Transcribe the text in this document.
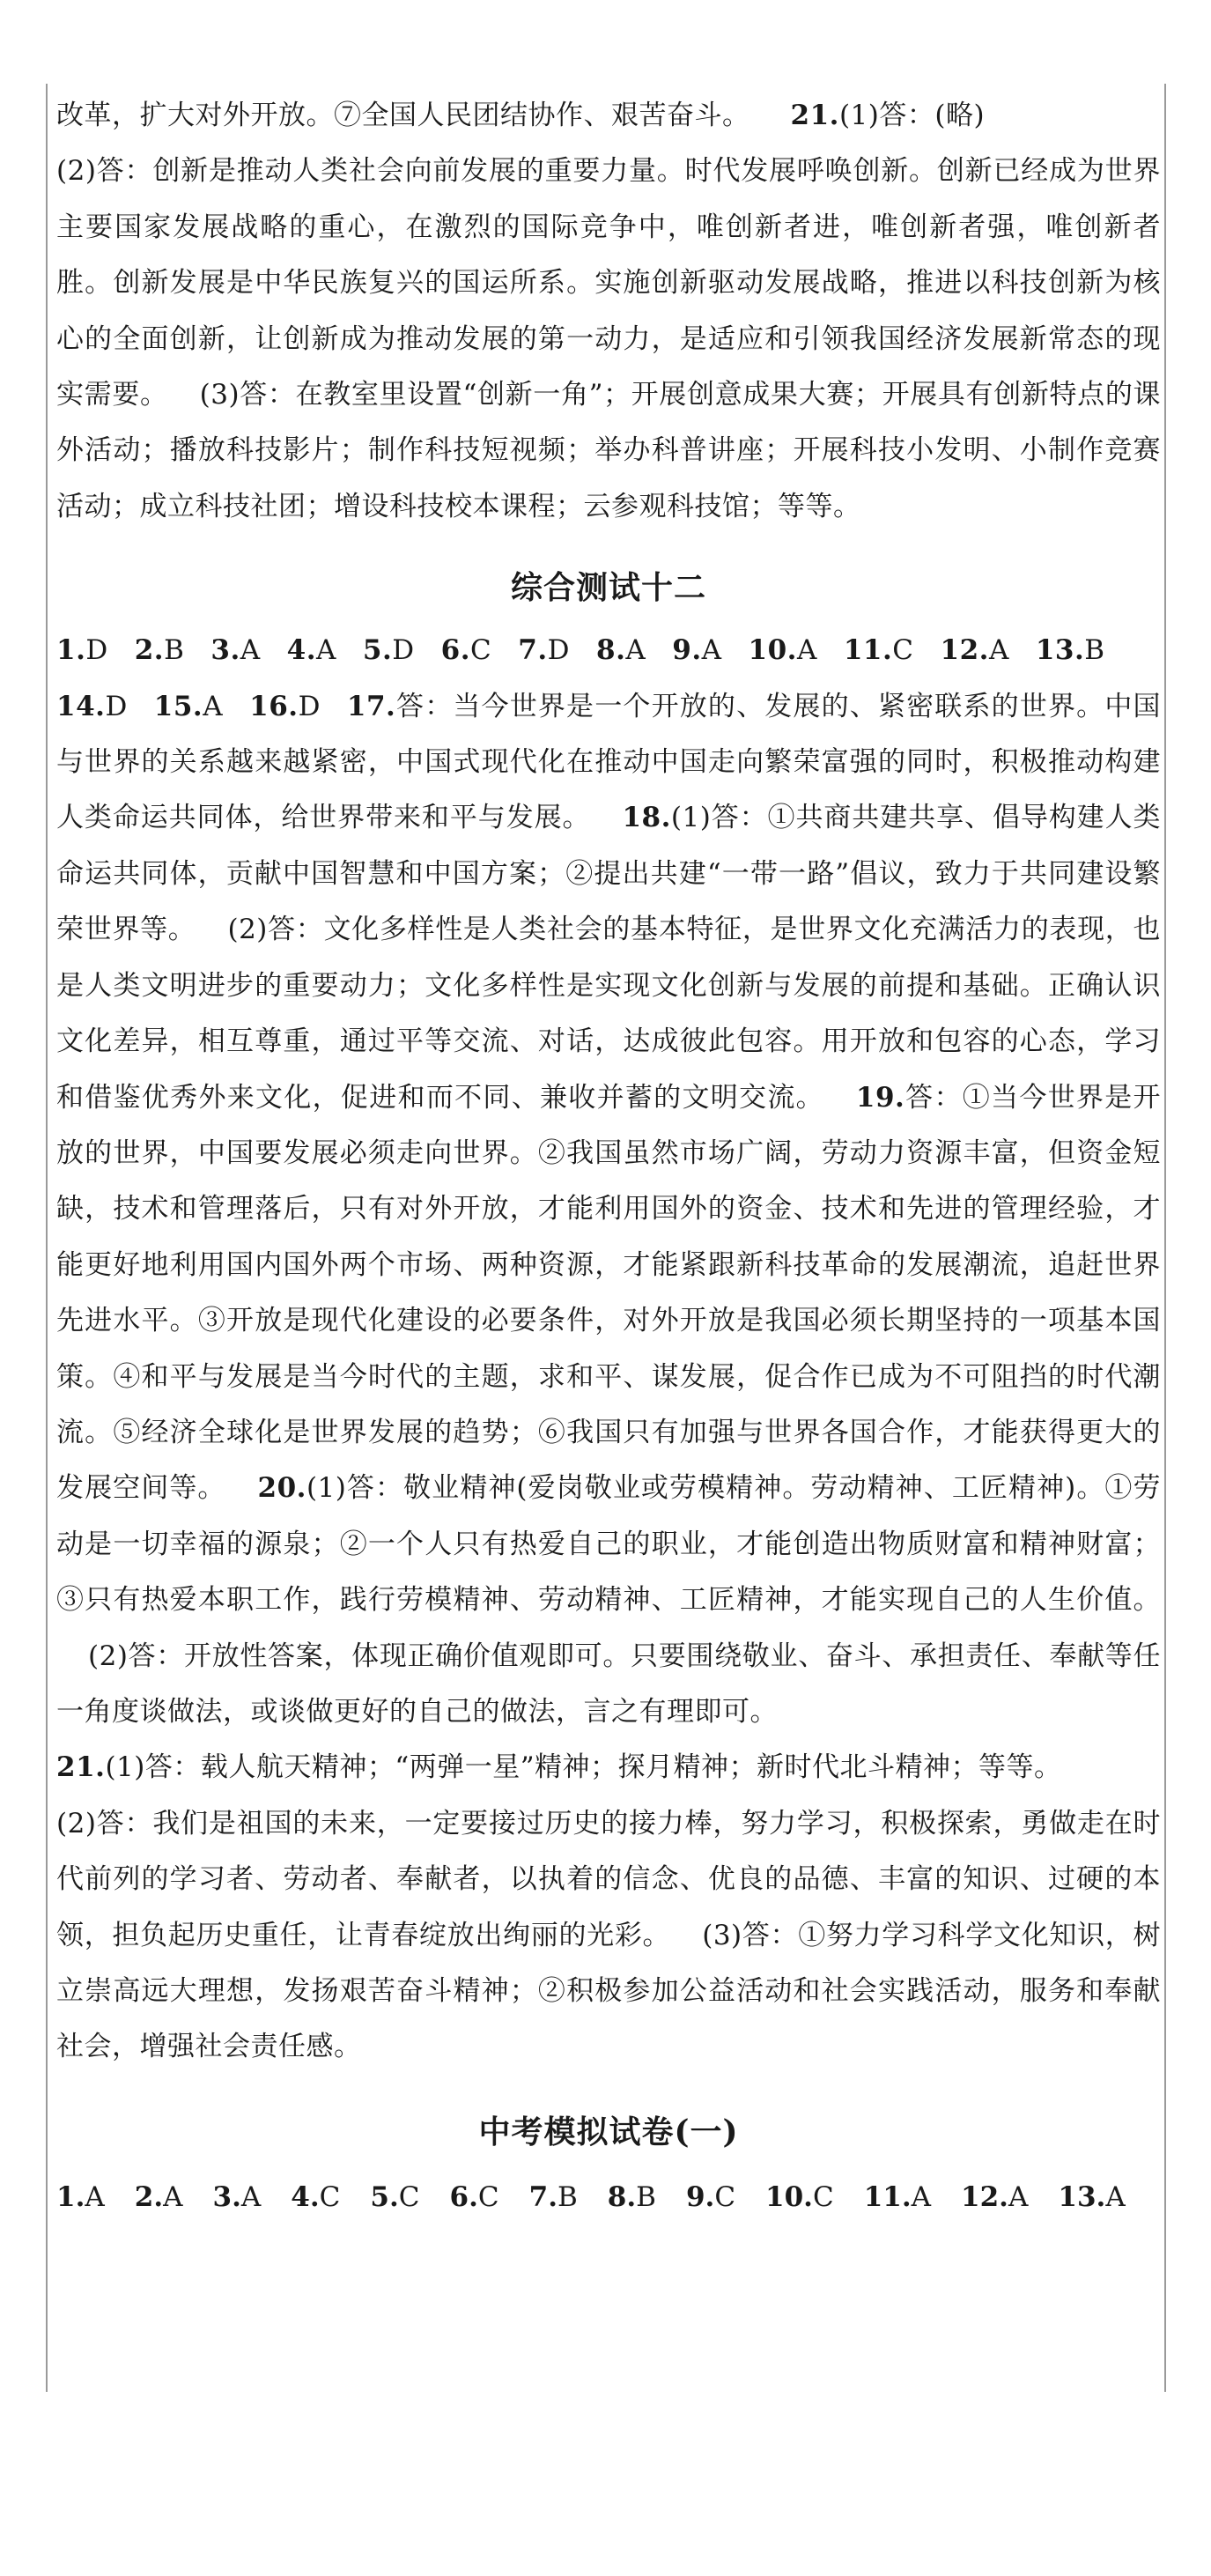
改革，扩大对外开放。⑦全国人民团结协作、艰苦奋斗。 21.(1)答：(略)
(2)答：创新是推动人类社会向前发展的重要力量。时代发展呼唤创新。创新已经成为世界主要国家发展战略的重心，在激烈的国际竞争中，唯创新者进，唯创新者强，唯创新者胜。创新发展是中华民族复兴的国运所系。实施创新驱动发展战略，推进以科技创新为核心的全面创新，让创新成为推动发展的第一动力，是适应和引领我国经济发展新常态的现实需要。 (3)答：在教室里设置“创新一角”；开展创意成果大赛；开展具有创新特点的课外活动；播放科技影片；制作科技短视频；举办科普讲座；开展科技小发明、小制作竞赛活动；成立科技社团；增设科技校本课程；云参观科技馆；等等。

综合测试十二

1.D 2.B 3.A 4.A 5.D 6.C 7.D 8.A 9.A 10.A 11.C 12.A 13.B14.D 15.A 16.D 17.答：当今世界是一个开放的、发展的、紧密联系的世界。中国与世界的关系越来越紧密，中国式现代化在推动中国走向繁荣富强的同时，积极推动构建人类命运共同体，给世界带来和平与发展。 18.(1)答：①共商共建共享、倡导构建人类命运共同体，贡献中国智慧和中国方案；②提出共建“一带一路”倡议，致力于共同建设繁荣世界等。 (2)答：文化多样性是人类社会的基本特征，是世界文化充满活力的表现，也是人类文明进步的重要动力；文化多样性是实现文化创新与发展的前提和基础。正确认识文化差异，相互尊重，通过平等交流、对话，达成彼此包容。用开放和包容的心态，学习和借鉴优秀外来文化，促进和而不同、兼收并蓄的文明交流。 19.答：①当今世界是开放的世界，中国要发展必须走向世界。②我国虽然市场广阔，劳动力资源丰富，但资金短缺，技术和管理落后，只有对外开放，才能利用国外的资金、技术和先进的管理经验，才能更好地利用国内国外两个市场、两种资源，才能紧跟新科技革命的发展潮流，追赶世界先进水平。③开放是现代化建设的必要条件，对外开放是我国必须长期坚持的一项基本国策。④和平与发展是当今时代的主题，求和平、谋发展，促合作已成为不可阻挡的时代潮流。⑤经济全球化是世界发展的趋势；⑥我国只有加强与世界各国合作，才能获得更大的发展空间等。 20.(1)答：敬业精神(爱岗敬业或劳模精神。劳动精神、工匠精神)。①劳动是一切幸福的源泉；②一个人只有热爱自己的职业，才能创造出物质财富和精神财富；③只有热爱本职工作，践行劳模精神、劳动精神、工匠精神，才能实现自己的人生价值。(2)答：开放性答案，体现正确价值观即可。只要围绕敬业、奋斗、承担责任、奉献等任一角度谈做法，或谈做更好的自己的做法，言之有理即可。
21.(1)答：载人航天精神；“两弹一星”精神；探月精神；新时代北斗精神；等等。
(2)答：我们是祖国的未来，一定要接过历史的接力棒，努力学习，积极探索，勇做走在时代前列的学习者、劳动者、奉献者，以执着的信念、优良的品德、丰富的知识、过硬的本领，担负起历史重任，让青春绽放出绚丽的光彩。 (3)答：①努力学习科学文化知识，树立崇高远大理想，发扬艰苦奋斗精神；②积极参加公益活动和社会实践活动，服务和奉献社会，增强社会责任感。

中考模拟试卷(一)
1.A 2.A 3.A 4.C 5.C 6.C 7.B 8.B 9.C 10.C 11.A 12.A 13.A
